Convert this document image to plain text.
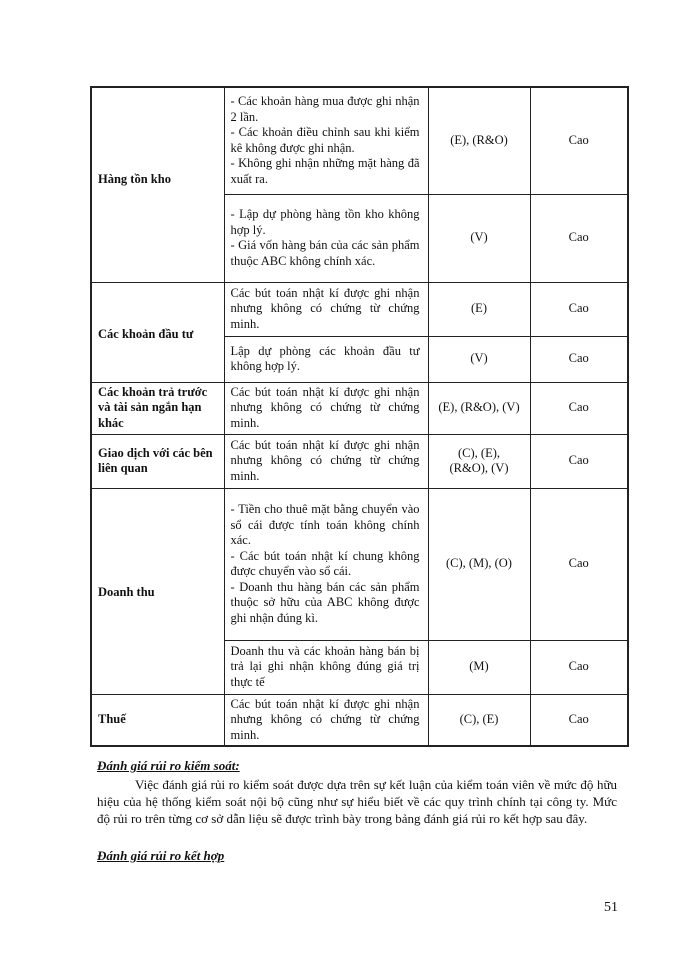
Hàng tồn kho	- Các khoản hàng mua được ghi nhận 2 lần.
- Các khoản điều chỉnh sau khi kiểm kê không được ghi nhận.
- Không ghi nhận những mặt hàng đã xuất ra.	(E), (R&O)	Cao

	- Lập dự phòng hàng tồn kho không hợp lý.
- Giá vốn hàng bán của các sản phẩm thuộc ABC không chính xác.	(V)	Cao
Các khoản đầu tư	Các bút toán nhật kí được ghi nhận nhưng không có chứng từ chứng minh.	(E)	Cao

	Lập dự phòng các khoản đầu tư không hợp lý.	(V)	Cao
Các khoản trả trước và tài sản ngắn hạn khác	Các bút toán nhật kí được ghi nhận nhưng không có chứng từ chứng minh.	(E), (R&O), (V)	Cao
Giao dịch với các bên liên quan	Các bút toán nhật kí được ghi nhận nhưng không có chứng từ chứng minh.	(C), (E), (R&O), (V)	Cao
Doanh thu	- Tiền cho thuê mặt bằng chuyển vào sổ cái được tính toán không chính xác.
- Các bút toán nhật kí chung không được chuyển vào sổ cái.
- Doanh thu hàng bán các sản phẩm thuộc sở hữu của ABC không được ghi nhận đúng kì.	(C), (M), (O)	Cao

	Doanh thu và các khoản hàng bán bị trả lại ghi nhận không đúng giá trị thực tế	(M)	Cao
Thuế	Các bút toán nhật kí được ghi nhận nhưng không có chứng từ chứng minh.	(C), (E)	Cao
Đánh giá rủi ro kiểm soát:

Việc đánh giá rủi ro kiểm soát được dựa trên sự kết luận của kiểm toán viên về mức độ hữu hiệu của hệ thống kiểm soát nội bộ cũng như sự hiểu biết về các quy trình chính tại công ty. Mức độ rủi ro trên từng cơ sở dẫn liệu sẽ được trình bày trong bảng đánh giá rủi ro kết hợp sau đây.

Đánh giá rủi ro kết hợp
51
